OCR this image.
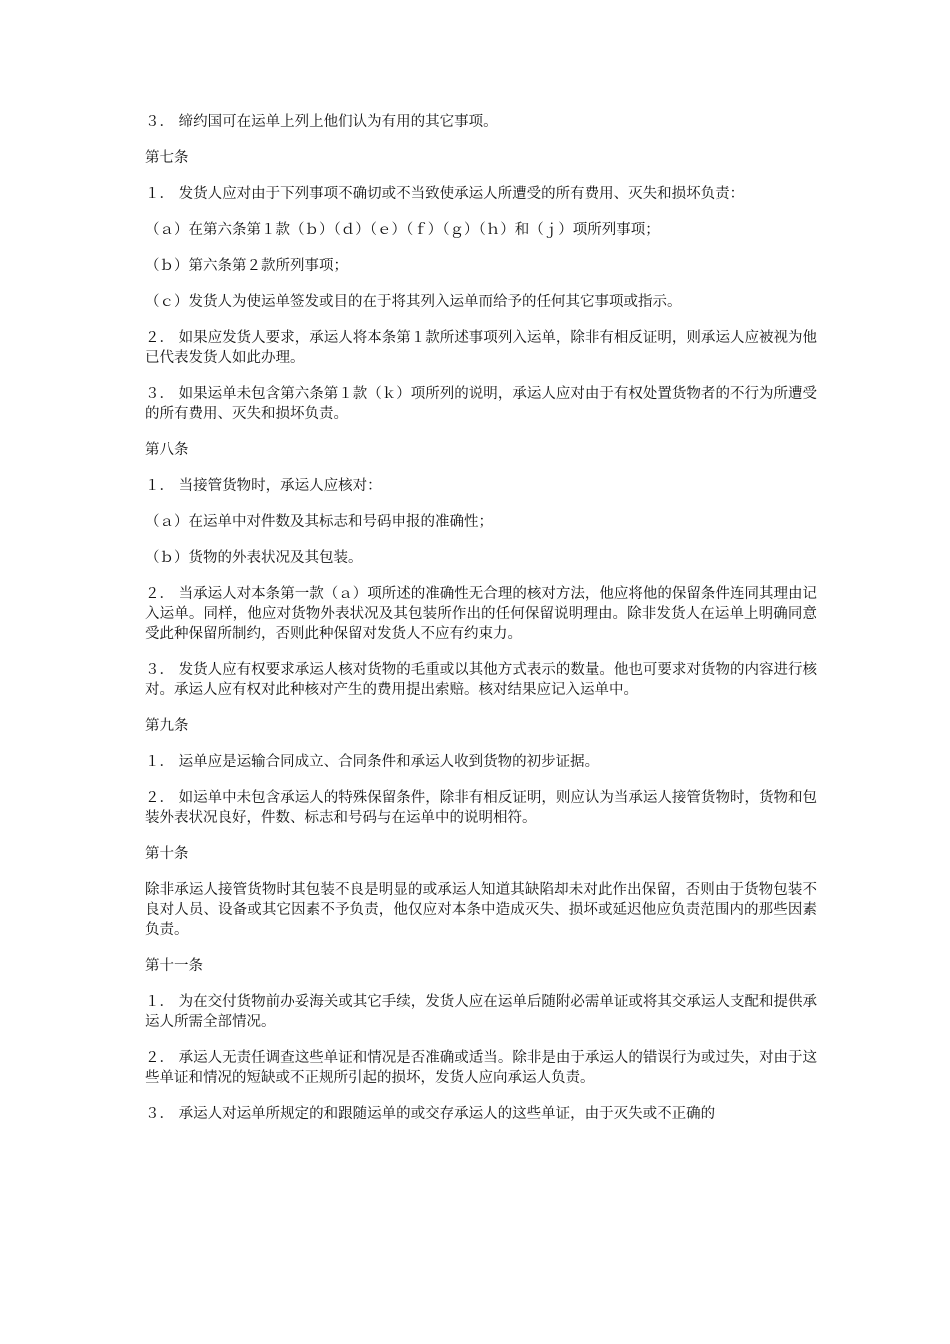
３． 缔约国可在运单上列上他们认为有用的其它事项。

第七条

１． 发货人应对由于下列事项不确切或不当致使承运人所遭受的所有费用、灭失和损坏负责：

（ａ）在第六条第１款（ｂ）（ｄ）（ｅ）（ｆ）（ｇ）（ｈ）和（ｊ）项所列事项；

（ｂ）第六条第２款所列事项；

（ｃ）发货人为使运单签发或目的在于将其列入运单而给予的任何其它事项或指示。

２． 如果应发货人要求，承运人将本条第１款所述事项列入运单，除非有相反证明，则承运人应被视为他已代表发货人如此办理。

３． 如果运单未包含第六条第１款（ｋ）项所列的说明，承运人应对由于有权处置货物者的不行为所遭受的所有费用、灭失和损坏负责。

第八条

１． 当接管货物时，承运人应核对：

（ａ）在运单中对件数及其标志和号码申报的准确性；

（ｂ）货物的外表状况及其包装。

２． 当承运人对本条第一款（ａ）项所述的准确性无合理的核对方法，他应将他的保留条件连同其理由记入运单。同样，他应对货物外表状况及其包装所作出的任何保留说明理由。除非发货人在运单上明确同意受此种保留所制约，否则此种保留对发货人不应有约束力。

３． 发货人应有权要求承运人核对货物的毛重或以其他方式表示的数量。他也可要求对货物的内容进行核对。承运人应有权对此种核对产生的费用提出索赔。核对结果应记入运单中。

第九条

１． 运单应是运输合同成立、合同条件和承运人收到货物的初步证据。

２． 如运单中未包含承运人的特殊保留条件，除非有相反证明，则应认为当承运人接管货物时，货物和包装外表状况良好，件数、标志和号码与在运单中的说明相符。

第十条

除非承运人接管货物时其包装不良是明显的或承运人知道其缺陷却未对此作出保留，否则由于货物包装不良对人员、设备或其它因素不予负责，他仅应对本条中造成灭失、损坏或延迟他应负责范围内的那些因素负责。

第十一条

１． 为在交付货物前办妥海关或其它手续，发货人应在运单后随附必需单证或将其交承运人支配和提供承运人所需全部情况。

２． 承运人无责任调查这些单证和情况是否准确或适当。除非是由于承运人的错误行为或过失，对由于这些单证和情况的短缺或不正规所引起的损坏，发货人应向承运人负责。

３． 承运人对运单所规定的和跟随运单的或交存承运人的这些单证，由于灭失或不正确的
